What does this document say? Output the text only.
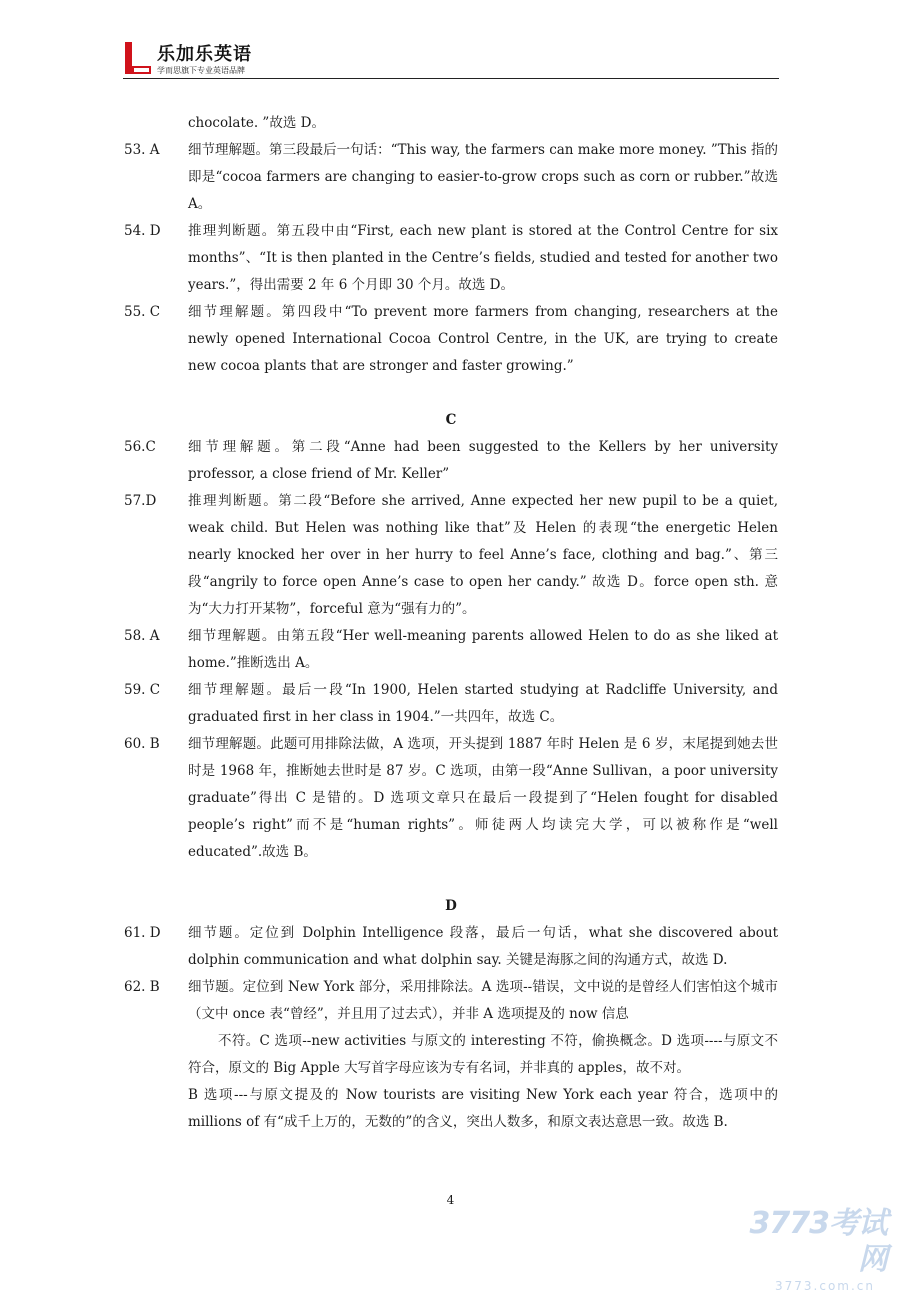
乐加乐英语
学而思旗下专业英语品牌
chocolate. ”故选 D。
53. A	细节理解题。第三段最后一句话：“This way, the farmers can make more money. ”This 指的即是“cocoa farmers are changing to easier-to-grow crops such as corn or rubber.”故选 A。
54. D	推理判断题。第五段中由“First, each new plant is stored at the Control Centre for six months”、“It is then planted in the Centre’s fields, studied and tested for another two years.”，得出需要 2 年 6 个月即 30 个月。故选 D。
55. C	细节理解题。第四段中“To prevent more farmers from changing, researchers at the newly opened International Cocoa Control Centre, in the UK, are trying to create new cocoa plants that are stronger and faster growing.”
C
56.C	细节理解题。第二段“Anne had been suggested to the Kellers by her university professor, a close friend of Mr. Keller”
57.D	推理判断题。第二段“Before she arrived, Anne expected her new pupil to be a quiet, weak child. But Helen was nothing like that”及 Helen 的表现“the energetic Helen nearly knocked her over in her hurry to feel Anne’s face, clothing and bag.”、第三段“angrily to force open Anne’s case to open her candy.” 故选 D。force open sth. 意为“大力打开某物”，forceful 意为“强有力的”。
58. A	细节理解题。由第五段“Her well-meaning parents allowed Helen to do as she liked at home.”推断选出 A。
59. C	细节理解题。最后一段“In 1900, Helen started studying at Radcliffe University, and graduated first in her class in 1904.”一共四年，故选 C。
60. B	细节理解题。此题可用排除法做，A 选项，开头提到 1887 年时 Helen 是 6 岁，末尾提到她去世时是 1968 年，推断她去世时是 87 岁。C 选项，由第一段“Anne Sullivan，a poor university graduate”得出 C 是错的。D 选项文章只在最后一段提到了“Helen fought for disabled people’s right”而不是“human rights”。师徒两人均读完大学，可以被称作是“well educated”.故选 B。
D
61. D	细节题。定位到 Dolphin Intelligence 段落，最后一句话，what she discovered about dolphin communication and what dolphin say. 关键是海豚之间的沟通方式，故选 D.
62. B	细节题。定位到 New York 部分，采用排除法。A 选项--错误，文中说的是曾经人们害怕这个城市（文中 once 表“曾经”，并且用了过去式），并非 A 选项提及的 now 信息
不符。C 选项--new activities 与原文的 interesting 不符，偷换概念。D 选项----与原文不符合，原文的 Big Apple 大写首字母应该为专有名词，并非真的 apples，故不对。
B 选项---与原文提及的 Now tourists are visiting New York each year 符合，选项中的 millions of 有“成千上万的，无数的”的含义，突出人数多，和原文表达意思一致。故选 B.
4
3773考试网
3773.com.cn
